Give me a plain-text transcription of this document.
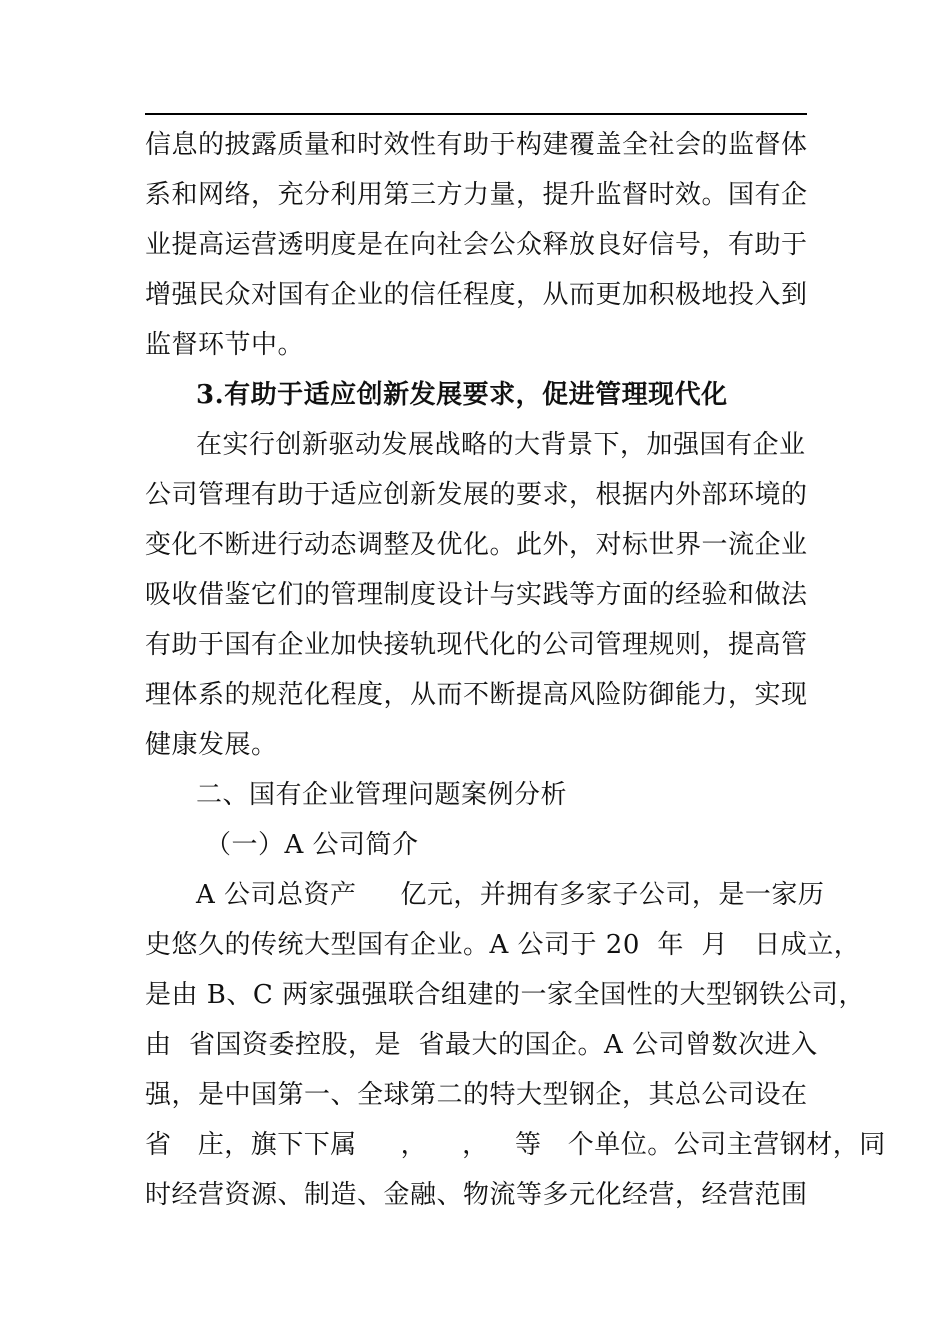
信息的披露质量和时效性有助于构建覆盖全社会的监督体
系和网络，充分利用第三方力量，提升监督时效。国有企
业提高运营透明度是在向社会公众释放良好信号，有助于
增强民众对国有企业的信任程度，从而更加积极地投入到
监督环节中。
3.有助于适应创新发展要求，促进管理现代化
在实行创新驱动发展战略的大背景下，加强国有企业
公司管理有助于适应创新发展的要求，根据内外部环境的
变化不断进行动态调整及优化。此外，对标世界一流企业
吸收借鉴它们的管理制度设计与实践等方面的经验和做法
有助于国有企业加快接轨现代化的公司管理规则，提高管
理体系的规范化程度，从而不断提高风险防御能力，实现
健康发展。
二、国有企业管理问题案例分析
（一）A 公司简介
A 公司总资产     亿元，并拥有多家子公司，是一家历
史悠久的传统大型国有企业。A 公司于 20  年  月   日成立，
是由 B、C 两家强强联合组建的一家全国性的大型钢铁公司，
由  省国资委控股，是  省最大的国企。A 公司曾数次进入
强，是中国第一、全球第二的特大型钢企，其总公司设在
省   庄，旗下下属     ，    ，   等   个单位。公司主营钢材，同
时经营资源、制造、金融、物流等多元化经营，经营范围
